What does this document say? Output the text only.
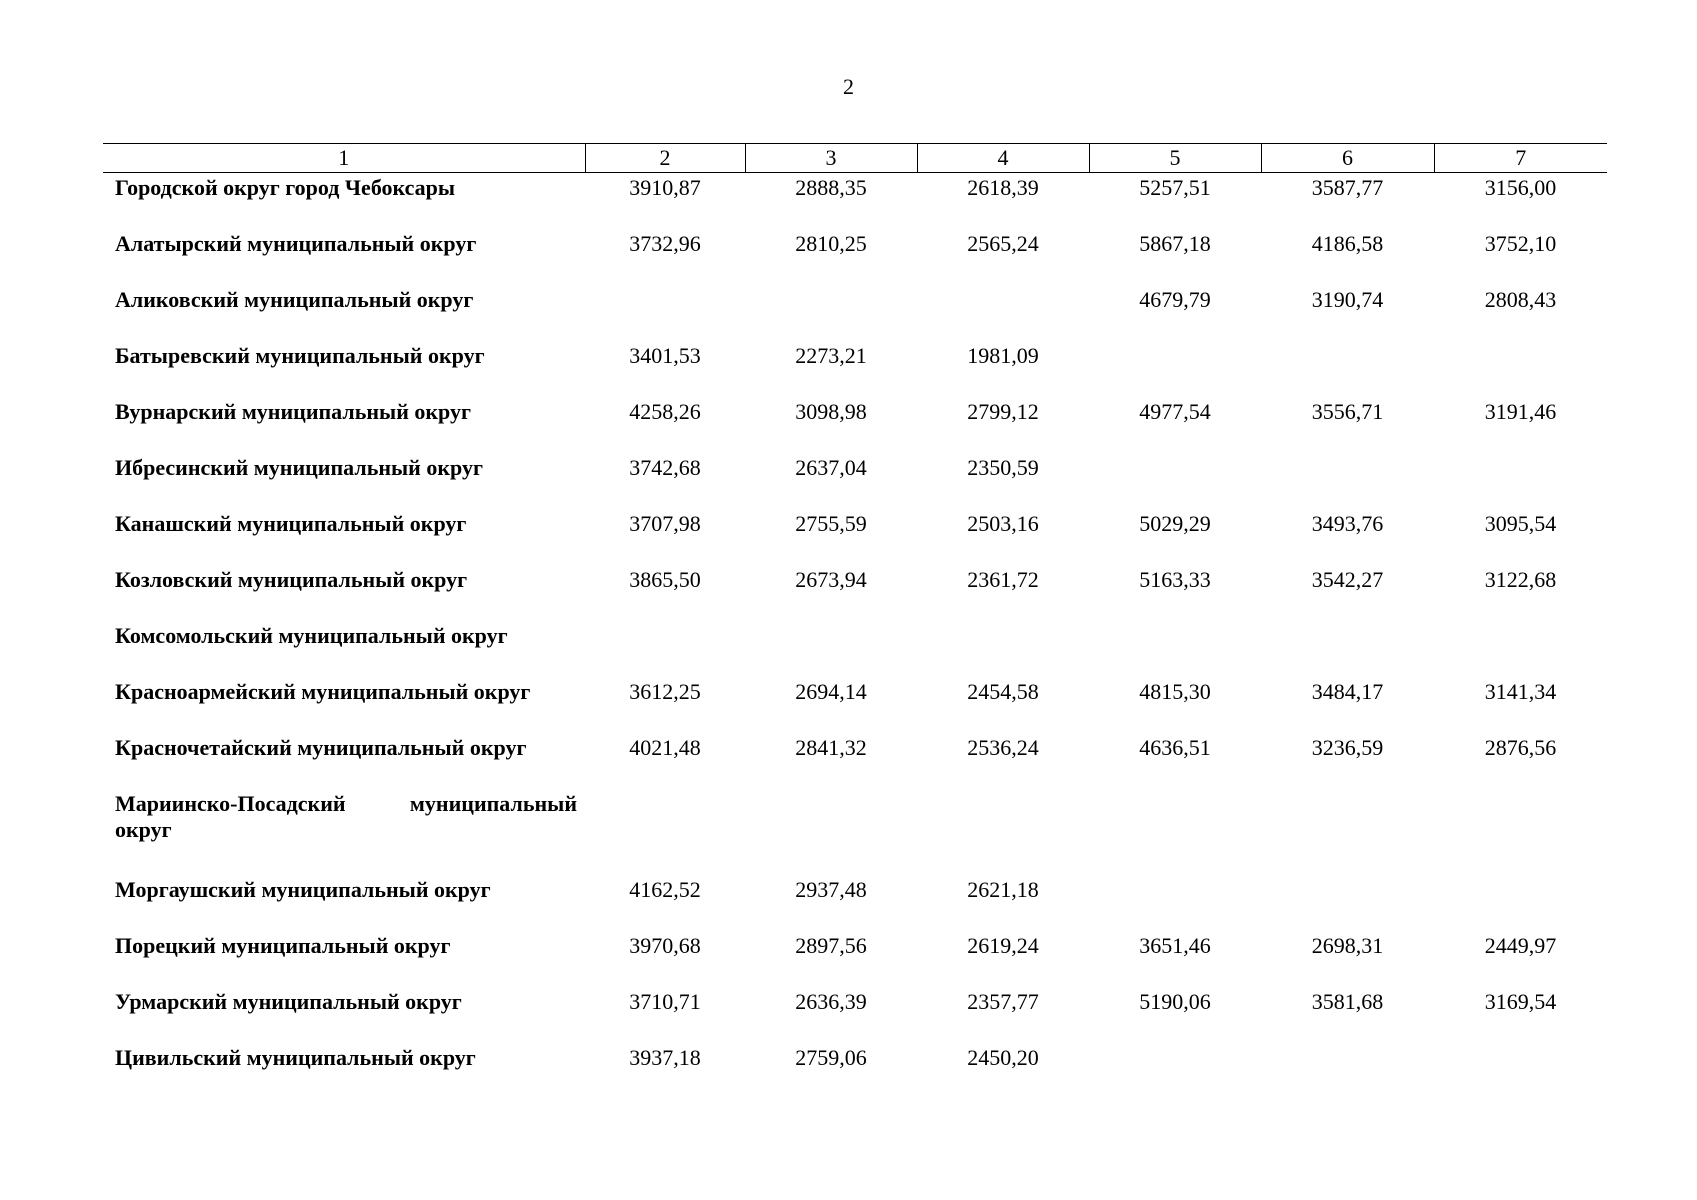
2
1	2	3	4	5	6	7
Городской округ город Чебоксары	3910,87	2888,35	2618,39	5257,51	3587,77	3156,00
Алатырский муниципальный округ	3732,96	2810,25	2565,24	5867,18	4186,58	3752,10
Аликовский муниципальный округ				4679,79	3190,74	2808,43
Батыревский муниципальный округ	3401,53	2273,21	1981,09			
Вурнарский муниципальный округ	4258,26	3098,98	2799,12	4977,54	3556,71	3191,46
Ибресинский муниципальный округ	3742,68	2637,04	2350,59			
Канашский муниципальный округ	3707,98	2755,59	2503,16	5029,29	3493,76	3095,54
Козловский муниципальный округ	3865,50	2673,94	2361,72	5163,33	3542,27	3122,68
Комсомольский муниципальный округ						
Красноармейский муниципальный округ	3612,25	2694,14	2454,58	4815,30	3484,17	3141,34
Красночетайский муниципальный округ	4021,48	2841,32	2536,24	4636,51	3236,59	2876,56
Мариинско-Посадский муниципальный округ						
Моргаушский муниципальный округ	4162,52	2937,48	2621,18			
Порецкий муниципальный округ	3970,68	2897,56	2619,24	3651,46	2698,31	2449,97
Урмарский муниципальный округ	3710,71	2636,39	2357,77	5190,06	3581,68	3169,54
Цивильский муниципальный округ	3937,18	2759,06	2450,20			
